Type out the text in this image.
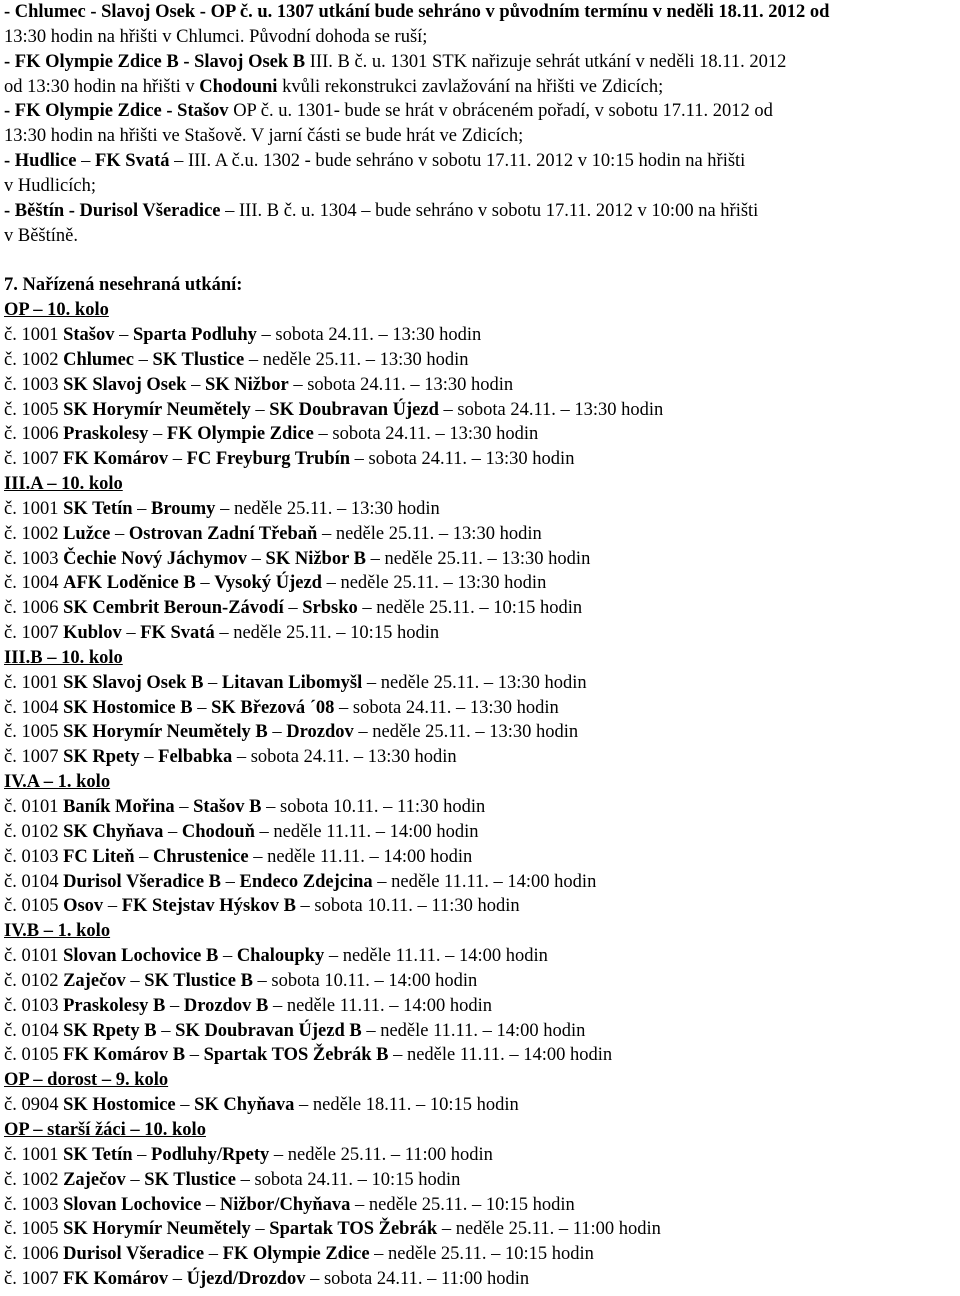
- Chlumec - Slavoj Osek - OP č. u. 1307 utkání bude sehráno v původním termínu v neděli 18.11. 2012 od
13:30 hodin na hřišti v Chlumci. Původní dohoda se ruší;
- FK Olympie Zdice B - Slavoj Osek B III. B č. u. 1301 STK nařizuje sehrát utkání v neděli 18.11. 2012
od 13:30 hodin na hřišti v Chodouni kvůli rekonstrukci zavlažování na hřišti ve Zdicích;
- FK Olympie Zdice - Stašov OP č. u. 1301- bude se hrát v obráceném pořadí, v sobotu 17.11. 2012 od
13:30 hodin na hřišti ve Stašově. V jarní části se bude hrát ve Zdicích;
- Hudlice – FK Svatá – III. A č.u. 1302 - bude sehráno v sobotu 17.11. 2012 v 10:15 hodin na hřišti
v Hudlicích;
- Běštín - Durisol Všeradice – III. B č. u. 1304 – bude sehráno v sobotu 17.11. 2012 v 10:00 na hřišti
v Běštíně.
7. Nařízená nesehraná utkání:
OP – 10. kolo
č. 1001 Stašov – Sparta Podluhy – sobota 24.11. – 13:30 hodin
č. 1002 Chlumec – SK Tlustice – neděle 25.11. – 13:30 hodin
č. 1003 SK Slavoj Osek – SK Nižbor – sobota 24.11. – 13:30 hodin
č. 1005 SK Horymír Neumětely – SK Doubravan Újezd – sobota 24.11. – 13:30 hodin
č. 1006 Praskolesy – FK Olympie Zdice – sobota 24.11. – 13:30 hodin
č. 1007 FK Komárov – FC Freyburg Trubín – sobota 24.11. – 13:30 hodin
III.A – 10. kolo
č. 1001 SK Tetín – Broumy – neděle 25.11. – 13:30 hodin
č. 1002 Lužce – Ostrovan Zadní Třebaň – neděle 25.11. – 13:30 hodin
č. 1003 Čechie Nový Jáchymov – SK Nižbor B – neděle 25.11. – 13:30 hodin
č. 1004 AFK Loděnice B – Vysoký Újezd – neděle 25.11. – 13:30 hodin
č. 1006 SK Cembrit Beroun-Závodí – Srbsko – neděle 25.11. – 10:15 hodin
č. 1007 Kublov – FK Svatá – neděle 25.11. – 10:15 hodin
III.B – 10. kolo
č. 1001 SK Slavoj Osek B – Litavan Libomyšl – neděle 25.11. – 13:30 hodin
č. 1004 SK Hostomice B – SK Březová ´08 – sobota 24.11. – 13:30 hodin
č. 1005 SK Horymír Neumětely B – Drozdov – neděle 25.11. – 13:30 hodin
č. 1007 SK Rpety – Felbabka – sobota 24.11. – 13:30 hodin
IV.A – 1. kolo
č. 0101 Baník Mořina – Stašov B – sobota 10.11. – 11:30 hodin
č. 0102 SK Chyňava – Chodouň – neděle 11.11. – 14:00 hodin
č. 0103 FC Liteň – Chrustenice – neděle 11.11. – 14:00 hodin
č. 0104 Durisol Všeradice B – Endeco Zdejcina – neděle 11.11. – 14:00 hodin
č. 0105 Osov – FK Stejstav Hýskov B – sobota 10.11. – 11:30 hodin
IV.B – 1. kolo
č. 0101 Slovan Lochovice B – Chaloupky – neděle 11.11. – 14:00 hodin
č. 0102 Zaječov – SK Tlustice B – sobota 10.11. – 14:00 hodin
č. 0103 Praskolesy B – Drozdov B – neděle 11.11. – 14:00 hodin
č. 0104 SK Rpety B – SK Doubravan Újezd B – neděle 11.11. – 14:00 hodin
č. 0105 FK Komárov B – Spartak TOS Žebrák B – neděle 11.11. – 14:00 hodin
OP – dorost – 9. kolo
č. 0904 SK Hostomice – SK Chyňava – neděle 18.11. – 10:15 hodin
OP – starší žáci – 10. kolo
č. 1001 SK Tetín – Podluhy/Rpety – neděle 25.11. – 11:00 hodin
č. 1002 Zaječov – SK Tlustice – sobota 24.11. – 10:15 hodin
č. 1003 Slovan Lochovice – Nižbor/Chyňava – neděle 25.11. – 10:15 hodin
č. 1005 SK Horymír Neumětely – Spartak TOS Žebrák – neděle 25.11. – 11:00 hodin
č. 1006 Durisol Všeradice – FK Olympie Zdice – neděle 25.11. – 10:15 hodin
č. 1007 FK Komárov – Újezd/Drozdov – sobota 24.11. – 11:00 hodin
